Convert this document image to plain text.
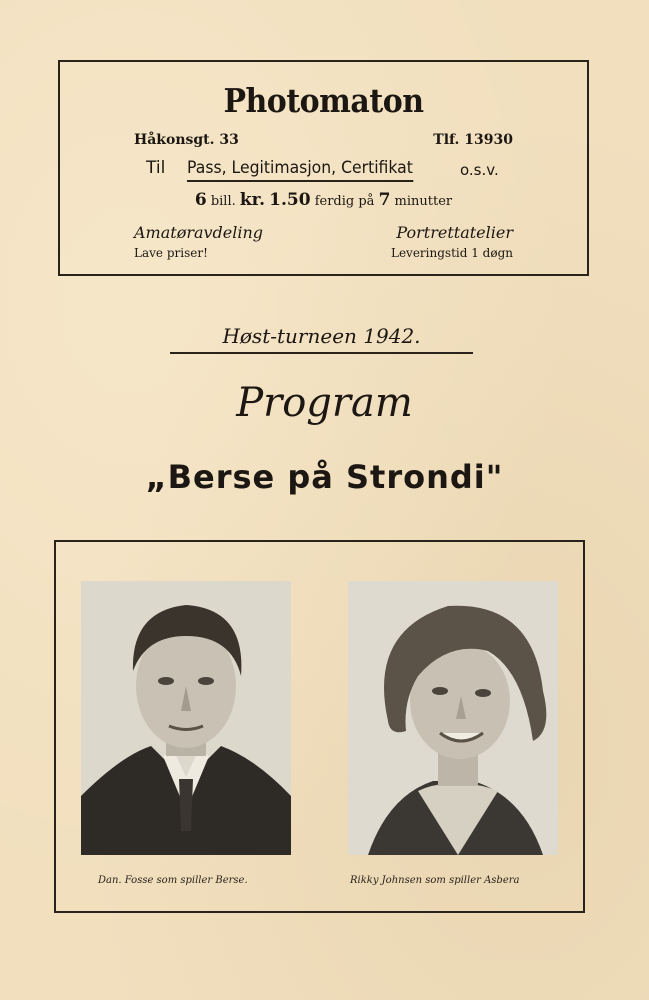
Photomaton
Håkonsgt. 33	Tlf. 13930
Til Pass, Legitimasjon, Certifikat	o.s.v.
6 bill. kr. 1.50 ferdig på 7 minutter
Amatøravdeling	Portrettatelier
Lave priser!	Leveringstid 1 døgn
Høst-turneen 1942.
Program
„Berse på Strondi"
Dan. Fosse som spiller Berse.	Rikky Johnsen som spiller Asbera
